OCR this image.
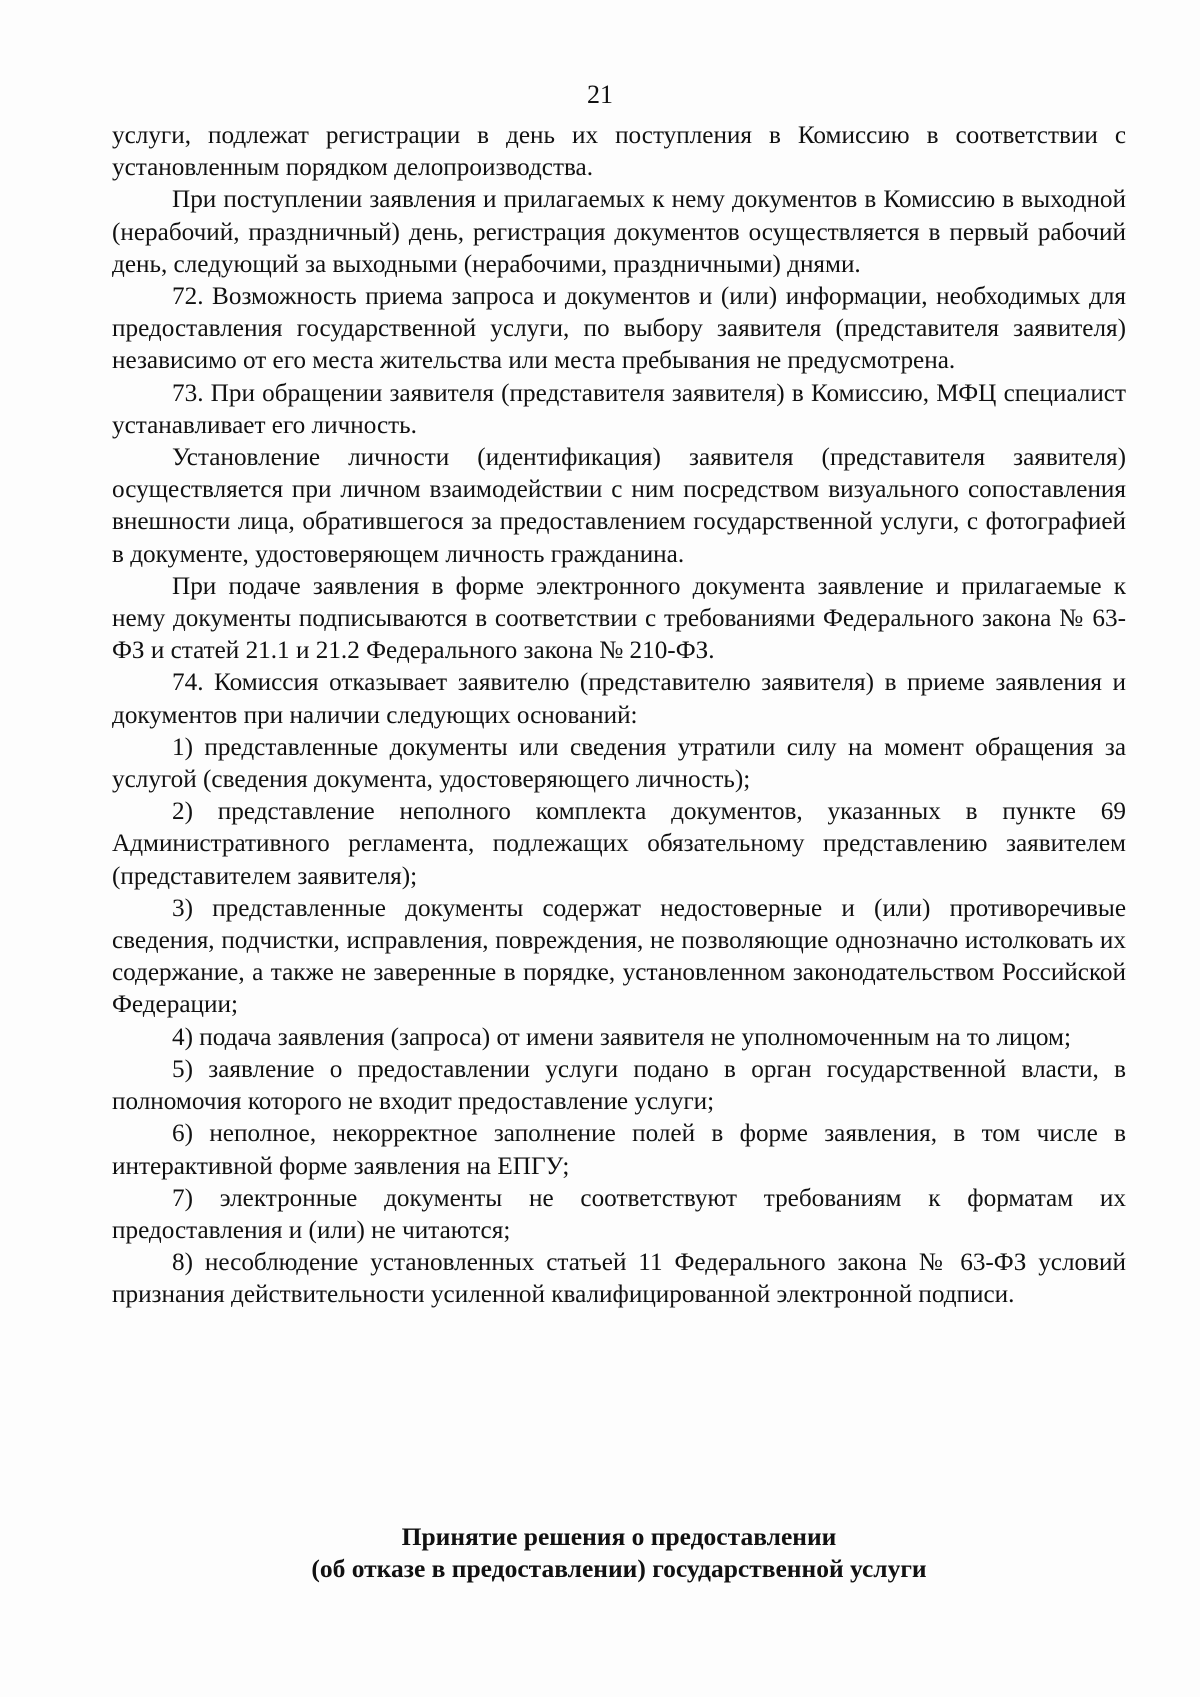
21

услуги, подлежат регистрации в день их поступления в Комиссию в соответствии с установленным порядком делопроизводства.

При поступлении заявления и прилагаемых к нему документов в Комиссию в выходной (нерабочий, праздничный) день, регистрация документов осуществляется в первый рабочий день, следующий за выходными (нерабочими, праздничными) днями.

72. Возможность приема запроса и документов и (или) информации, необходимых для предоставления государственной услуги, по выбору заявителя (представителя заявителя) независимо от его места жительства или места пребывания не предусмотрена.

73. При обращении заявителя (представителя заявителя) в Комиссию, МФЦ специалист устанавливает его личность.

Установление личности (идентификация) заявителя (представителя заявителя) осуществляется при личном взаимодействии с ним посредством визуального сопоставления внешности лица, обратившегося за предоставлением государственной услуги, с фотографией в документе, удостоверяющем личность гражданина.

При подаче заявления в форме электронного документа заявление и прилагаемые к нему документы подписываются в соответствии с требованиями Федерального закона № 63-ФЗ и статей 21.1 и 21.2 Федерального закона № 210-ФЗ.

74. Комиссия отказывает заявителю (представителю заявителя) в приеме заявления и документов при наличии следующих оснований:

1) представленные документы или сведения утратили силу на момент обращения за услугой (сведения документа, удостоверяющего личность);

2) представление неполного комплекта документов, указанных в пункте 69 Административного регламента, подлежащих обязательному представлению заявителем (представителем заявителя);

3) представленные документы содержат недостоверные и (или) противоречивые сведения, подчистки, исправления, повреждения, не позволяющие однозначно истолковать их содержание, а также не заверенные в порядке, установленном законодательством Российской Федерации;

4) подача заявления (запроса) от имени заявителя не уполномоченным на то лицом;

5) заявление о предоставлении услуги подано в орган государственной власти, в полномочия которого не входит предоставление услуги;

6) неполное, некорректное заполнение полей в форме заявления, в том числе в интерактивной форме заявления на ЕПГУ;

7) электронные документы не соответствуют требованиям к форматам их предоставления и (или) не читаются;

8) несоблюдение установленных статьей 11 Федерального закона № 63-ФЗ условий признания действительности усиленной квалифицированной электронной подписи.

Принятие решения о предоставлении
(об отказе в предоставлении) государственной услуги
